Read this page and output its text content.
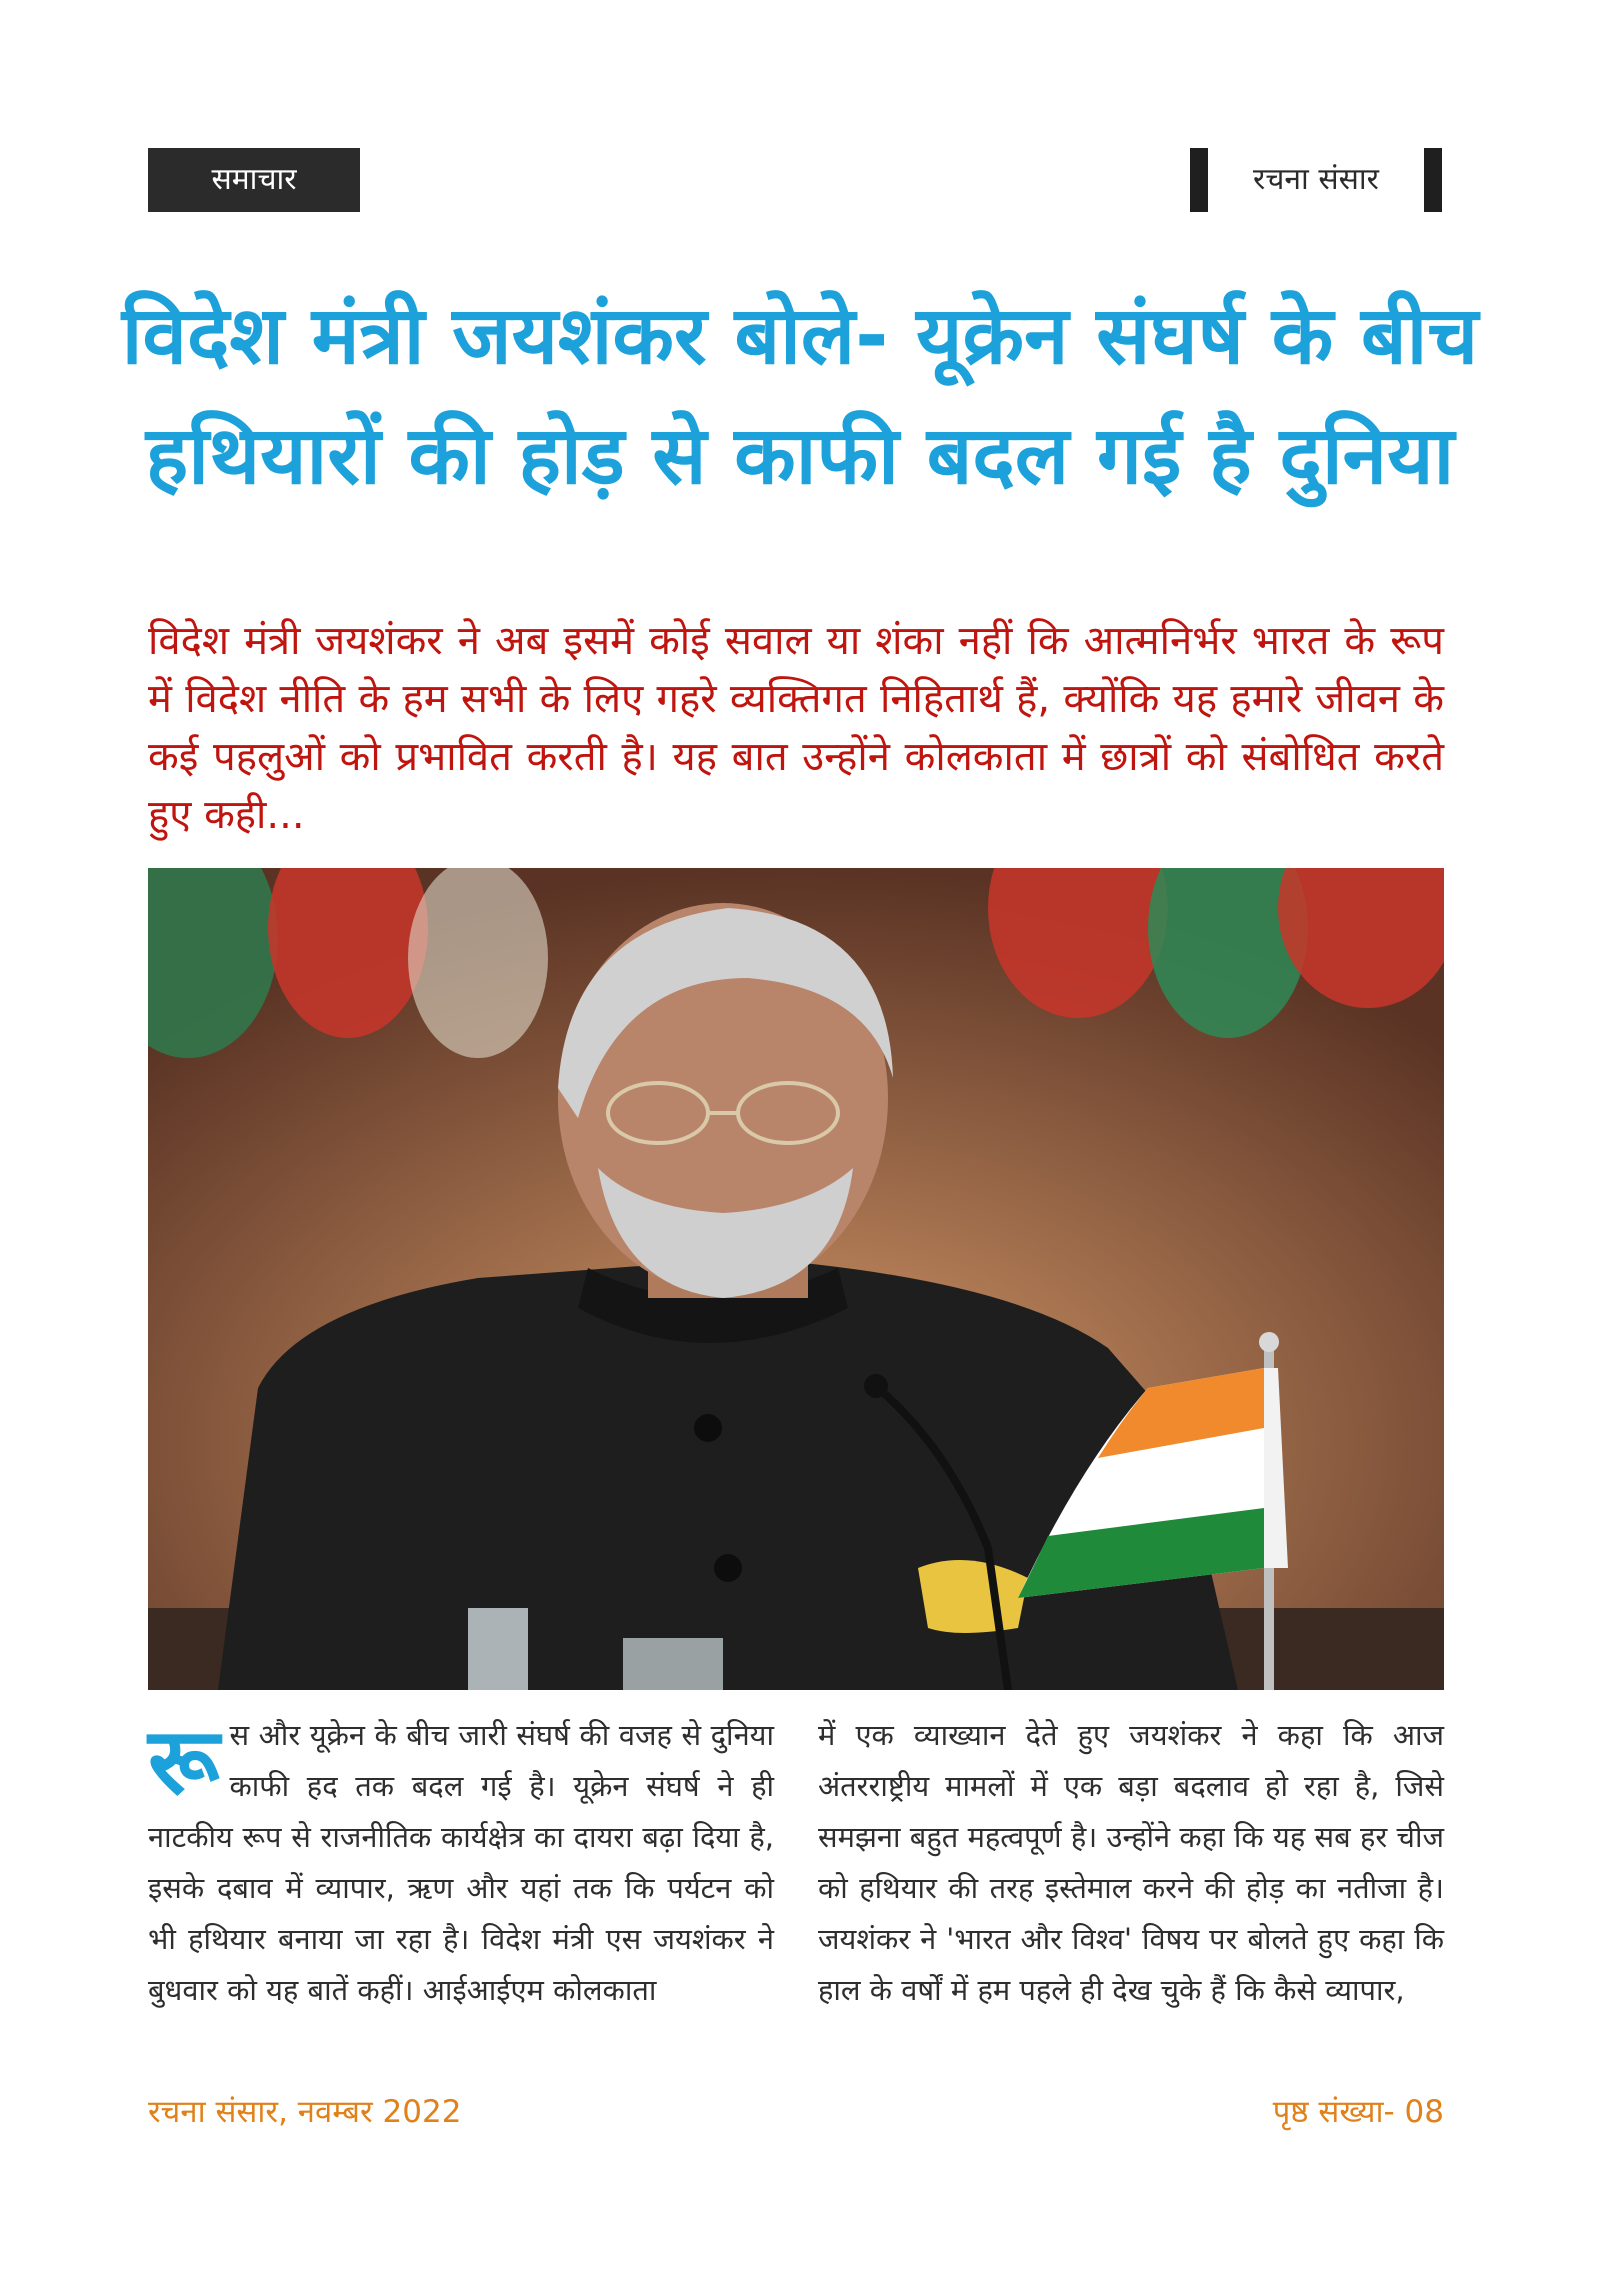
समाचार	रचना संसार
विदेश मंत्री जयशंकर बोले- यूक्रेन संघर्ष के बीच हथियारों की होड़ से काफी बदल गई है दुनिया

विदेश मंत्री जयशंकर ने अब इसमें कोई सवाल या शंका नहीं कि आत्मनिर्भर भारत के रूप में विदेश नीति के हम सभी के लिए गहरे व्यक्तिगत निहितार्थ हैं, क्योंकि यह हमारे जीवन के कई पहलुओं को प्रभावित करती है। यह बात उन्होंने कोलकाता में छात्रों को संबोधित करते हुए कही...

रूस और यूक्रेन के बीच जारी संघर्ष की वजह से दुनिया काफी हद तक बदल गई है। यूक्रेन संघर्ष ने ही नाटकीय रूप से राजनीतिक कार्यक्षेत्र का दायरा बढ़ा दिया है, इसके दबाव में व्यापार, ऋण और यहां तक कि पर्यटन को भी हथियार बनाया जा रहा है। विदेश मंत्री एस जयशंकर ने बुधवार को यह बातें कहीं। आईआईएम कोलकाता

में एक व्याख्यान देते हुए जयशंकर ने कहा कि आज अंतरराष्ट्रीय मामलों में एक बड़ा बदलाव हो रहा है, जिसे समझना बहुत महत्वपूर्ण है। उन्होंने कहा कि यह सब हर चीज को हथियार की तरह इस्तेमाल करने की होड़ का नतीजा है। जयशंकर ने 'भारत और विश्व' विषय पर बोलते हुए कहा कि हाल के वर्षों में हम पहले ही देख चुके हैं कि कैसे व्यापार,

रचना संसार, नवम्बर 2022	पृष्ठ संख्या- 08
